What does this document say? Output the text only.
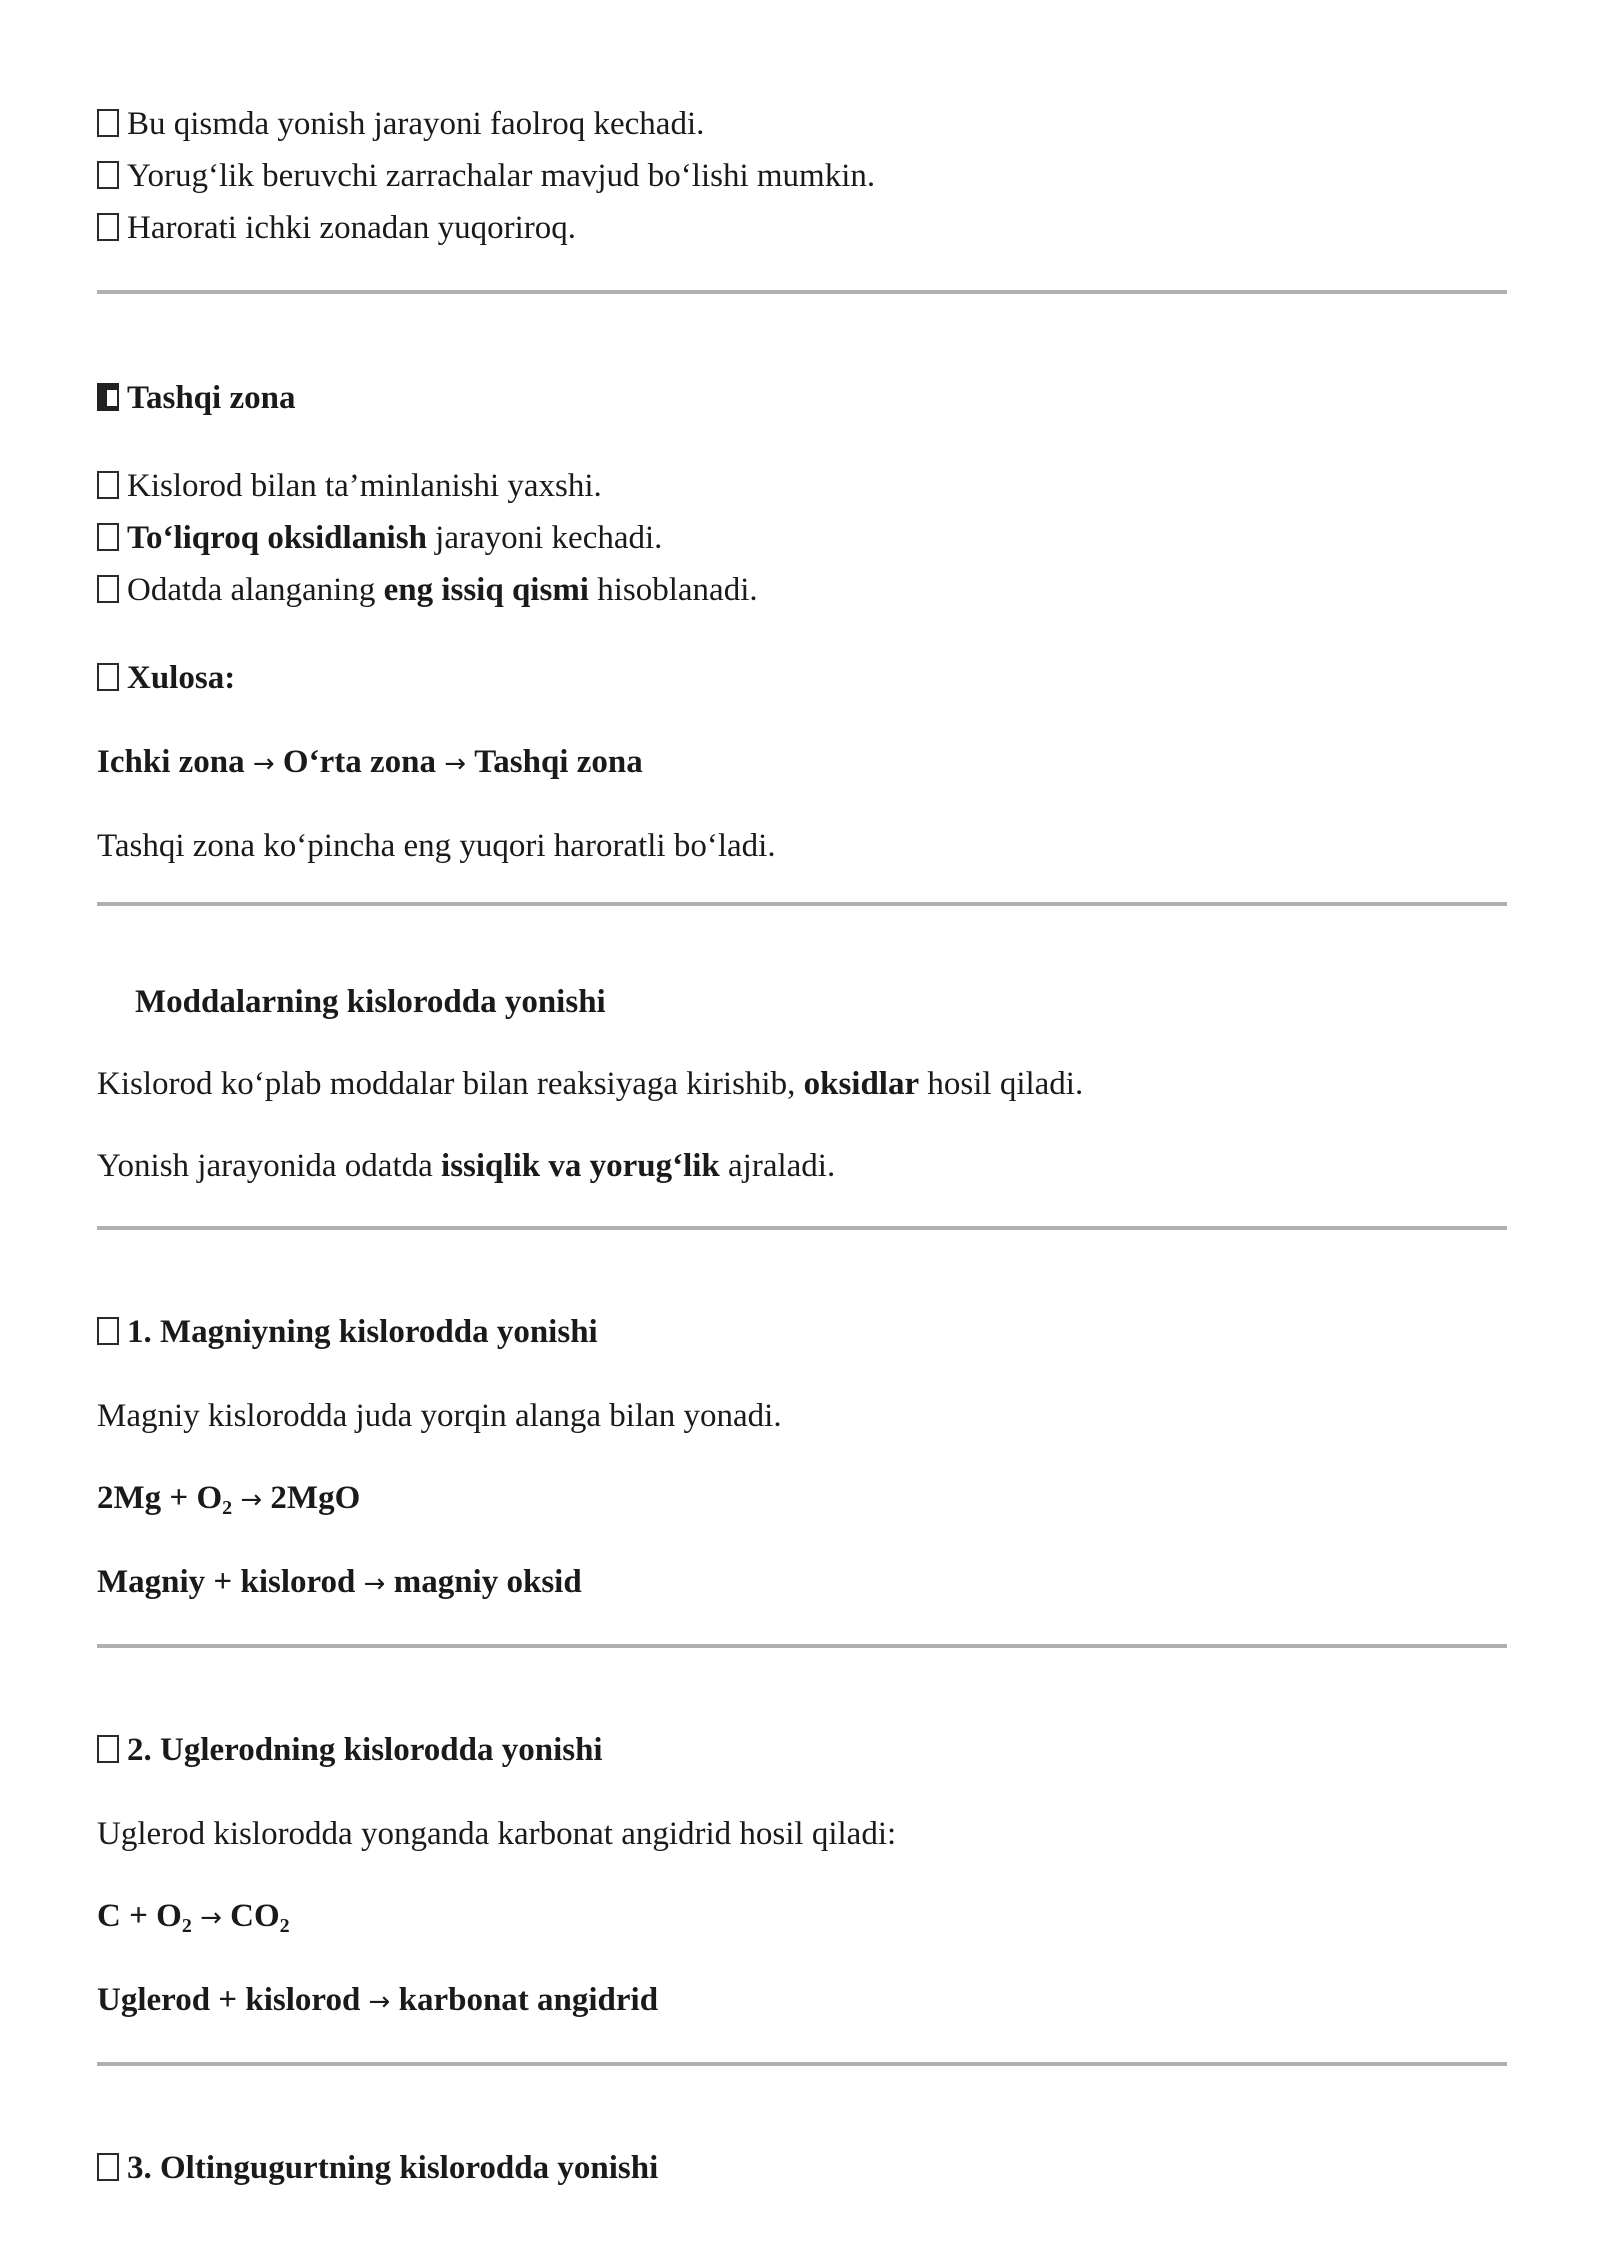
Bu qismda yonish jarayoni faolroq kechadi.

Yorug‘lik beruvchi zarrachalar mavjud bo‘lishi mumkin.

Harorati ichki zonadan yuqoriroq.

Tashqi zona

Kislorod bilan ta’minlanishi yaxshi.

To‘liqroq oksidlanish jarayoni kechadi.

Odatda alanganing eng issiq qismi hisoblanadi.

Xulosa:

Ichki zona → O‘rta zona → Tashqi zona

Tashqi zona ko‘pincha eng yuqori haroratli bo‘ladi.

Moddalarning kislorodda yonishi

Kislorod ko‘plab moddalar bilan reaksiyaga kirishib, oksidlar hosil qiladi.

Yonish jarayonida odatda issiqlik va yorug‘lik ajraladi.

1. Magniyning kislorodda yonishi

Magniy kislorodda juda yorqin alanga bilan yonadi.

$2Mg + O_2 \to 2MgO$

Magniy + kislorod → magniy oksid

2. Uglerodning kislorodda yonishi

Uglerod kislorodda yonganda karbonat angidrid hosil qiladi:

$C + O_2 \to CO_2$

Uglerod + kislorod → karbonat angidrid

3. Oltingugurtning kislorodda yonishi
